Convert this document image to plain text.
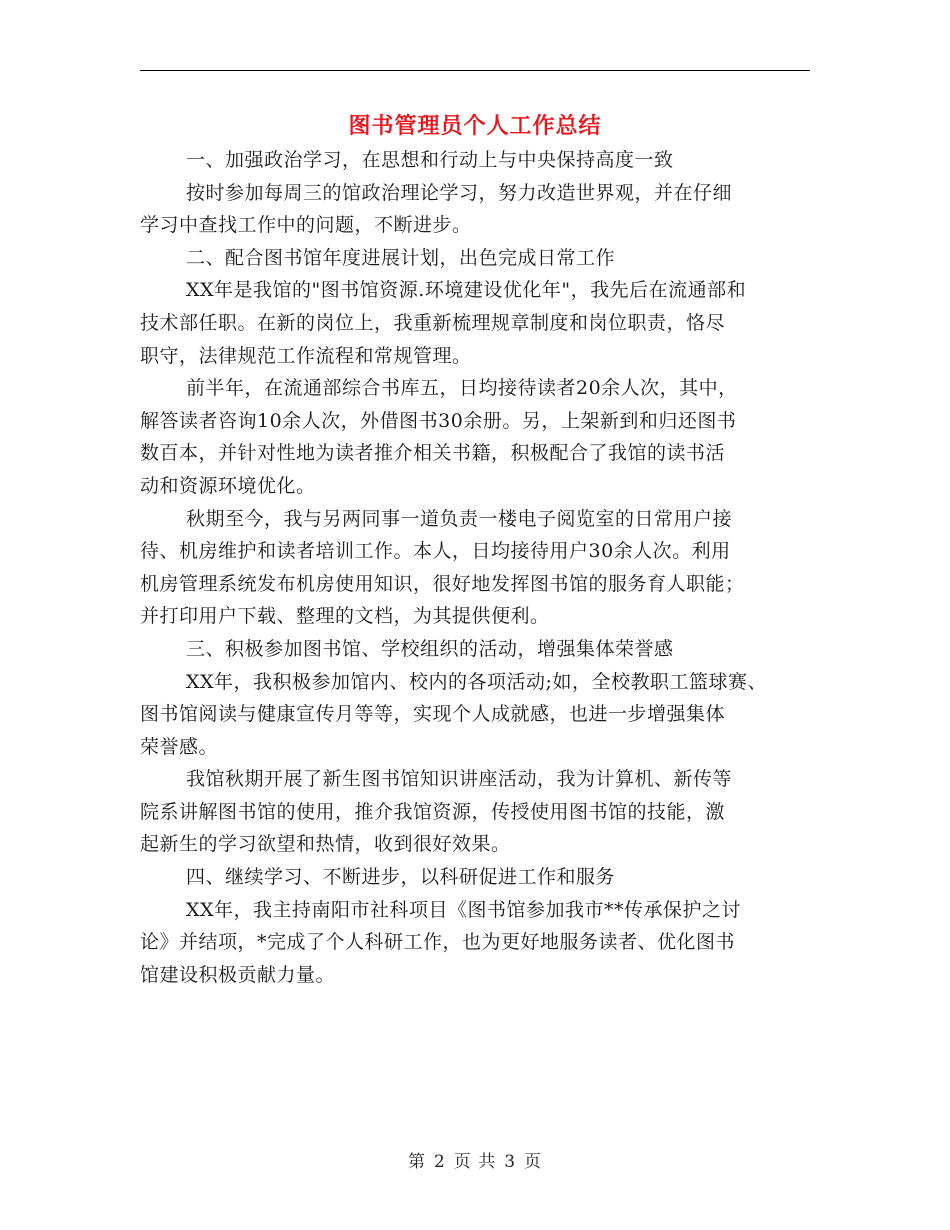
图书管理员个人工作总结
一、加强政治学习，在思想和行动上与中央保持高度一致
按时参加每周三的馆政治理论学习，努力改造世界观，并在仔细
学习中查找工作中的问题，不断进步。
二、配合图书馆年度进展计划，出色完成日常工作
XX年是我馆的"图书馆资源.环境建设优化年"，我先后在流通部和
技术部任职。在新的岗位上，我重新梳理规章制度和岗位职责，恪尽
职守，法律规范工作流程和常规管理。
前半年，在流通部综合书库五，日均接待读者20余人次，其中，
解答读者咨询10余人次，外借图书30余册。另，上架新到和归还图书
数百本，并针对性地为读者推介相关书籍，积极配合了我馆的读书活
动和资源环境优化。
秋期至今，我与另两同事一道负责一楼电子阅览室的日常用户接
待、机房维护和读者培训工作。本人，日均接待用户30余人次。利用
机房管理系统发布机房使用知识，很好地发挥图书馆的服务育人职能；
并打印用户下载、整理的文档，为其提供便利。
三、积极参加图书馆、学校组织的活动，增强集体荣誉感
XX年，我积极参加馆内、校内的各项活动;如，全校教职工篮球赛、
图书馆阅读与健康宣传月等等，实现个人成就感，也进一步增强集体
荣誉感。
我馆秋期开展了新生图书馆知识讲座活动，我为计算机、新传等
院系讲解图书馆的使用，推介我馆资源，传授使用图书馆的技能，激
起新生的学习欲望和热情，收到很好效果。
四、继续学习、不断进步，以科研促进工作和服务
XX年，我主持南阳市社科项目《图书馆参加我市**传承保护之讨
论》并结项，*完成了个人科研工作，也为更好地服务读者、优化图书
馆建设积极贡献力量。
第 2 页 共 3 页
